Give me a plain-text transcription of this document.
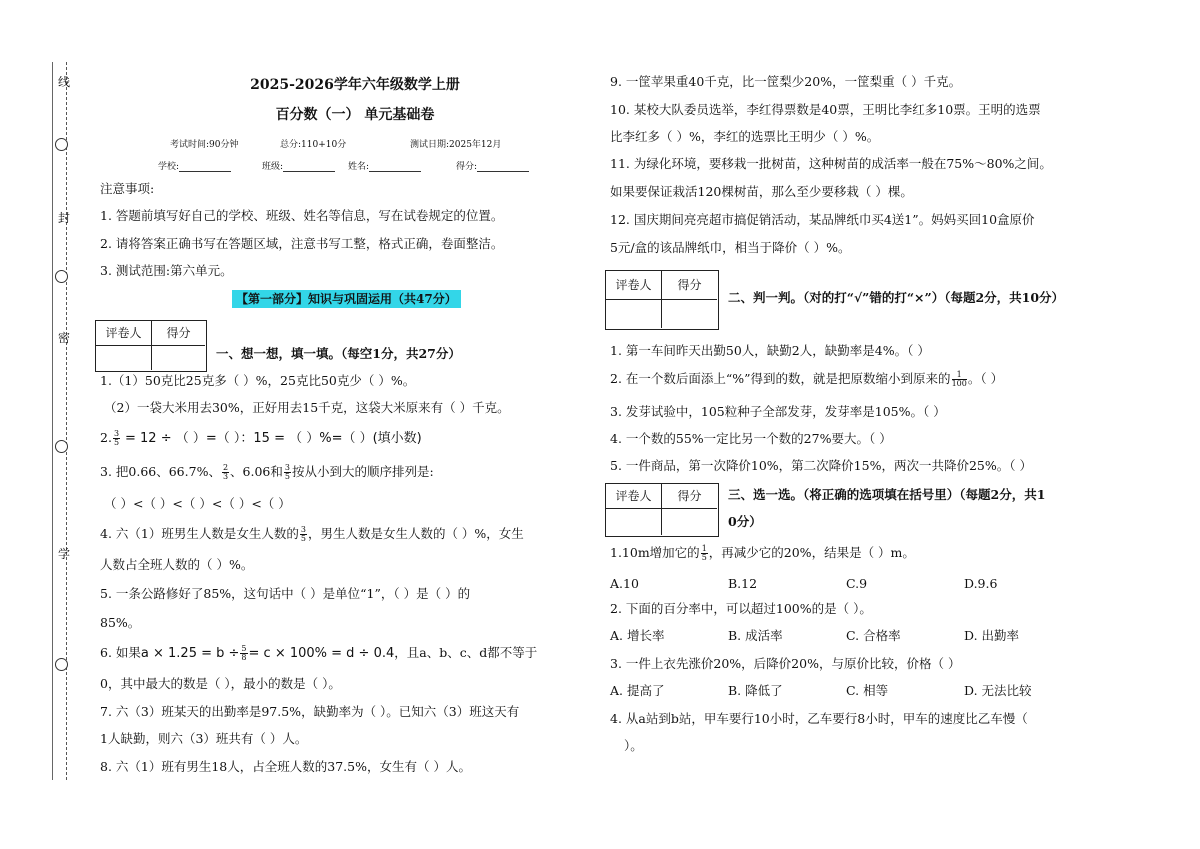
线
封
密
学
2025-2026学年六年级数学上册
百分数（一） 单元基础卷
考试时间:90分钟	总分:110+10分	测试日期:2025年12月
学校:	班级:	姓名:	得分:
注意事项:
1. 答题前填写好自己的学校、班级、姓名等信息，写在试卷规定的位置。
2. 请将答案正确书写在答题区域，注意书写工整，格式正确，卷面整洁。
3. 测试范围:第六单元。
【第一部分】知识与巩固运用（共47分）
评卷人	得分
一、想一想，填一填。（每空1分，共27分）
1.（1）50克比25克多（ ）%，25克比50克少（ ）%。
（2）一袋大米用去30%，正好用去15千克，这袋大米原来有（ ）千克。
2. $\frac{3}{5} = 12$ ÷ （ ）=（ ）：15 = （ ）%=（ ）(填小数)
3. 把0.66、66.7%、 $\frac{2}{3}$ 、6.06和 $\frac{3}{5}$ 按从小到大的顺序排列是:
（ ）<（ ）<（ ）<（ ）<（ ）
4. 六（1）班男生人数是女生人数的 $\frac{3}{5}$ ，男生人数是女生人数的（ ）%，女生
人数占全班人数的（ ）%。
5. 一条公路修好了85%，这句话中（ ）是单位“1”，（ ）是（ ）的
85%。
6. 如果$a \times 1.25 = b \div \frac{5}{8} = c \times 100\% = d \div 0.4$，且a、b、c、d都不等于
0，其中最大的数是（ ），最小的数是（ ）。
7. 六（3）班某天的出勤率是97.5%，缺勤率为（ ）。已知六（3）班这天有
1人缺勤，则六（3）班共有（ ）人。
8. 六（1）班有男生18人，占全班人数的37.5%，女生有（ ）人。
9. 一筐苹果重40千克，比一筐梨少20%，一筐梨重（ ）千克。
10. 某校大队委员选举，李红得票数是40票，王明比李红多10票。王明的选票
比李红多（ ）%，李红的选票比王明少（ ）%。
11. 为绿化环境，要移栽一批树苗，这种树苗的成活率一般在75%～80%之间。
如果要保证栽活120棵树苗，那么至少要移栽（ ）棵。
12. 国庆期间亮亮超市搞促销活动，某品牌纸巾买4送1”。妈妈买回10盒原价
5元/盒的该品牌纸巾，相当于降价（ ）%。
评卷人	得分
二、判一判。（对的打“√”错的打“×”）（每题2分，共10分）
1. 第一车间昨天出勤50人，缺勤2人，缺勤率是4%。（ ）
2. 在一个数后面添上“%”得到的数，就是把原数缩小到原来的 $\frac{1}{100}$ 。（ ）
3. 发芽试验中，105粒种子全部发芽，发芽率是105%。（ ）
4. 一个数的55%一定比另一个数的27%要大。（ ）
5. 一件商品，第一次降价10%，第二次降价15%，两次一共降价25%。（ ）
评卷人	得分	三、选一选。（将正确的选项填在括号里）（每题2分，共1
0分）
1.10m增加它的 $\frac{1}{5}$ ，再减少它的20%，结果是（ ）m。
A.10	B.12	C.9	D.9.6
2. 下面的百分率中，可以超过100%的是（ ）。
A. 增长率	B. 成活率	C. 合格率	D. 出勤率
3. 一件上衣先涨价20%，后降价20%，与原价比较，价格（ ）
A. 提高了	B. 降低了	C. 相等	D. 无法比较
4. 从a站到b站，甲车要行10小时，乙车要行8小时，甲车的速度比乙车慢（
）。
